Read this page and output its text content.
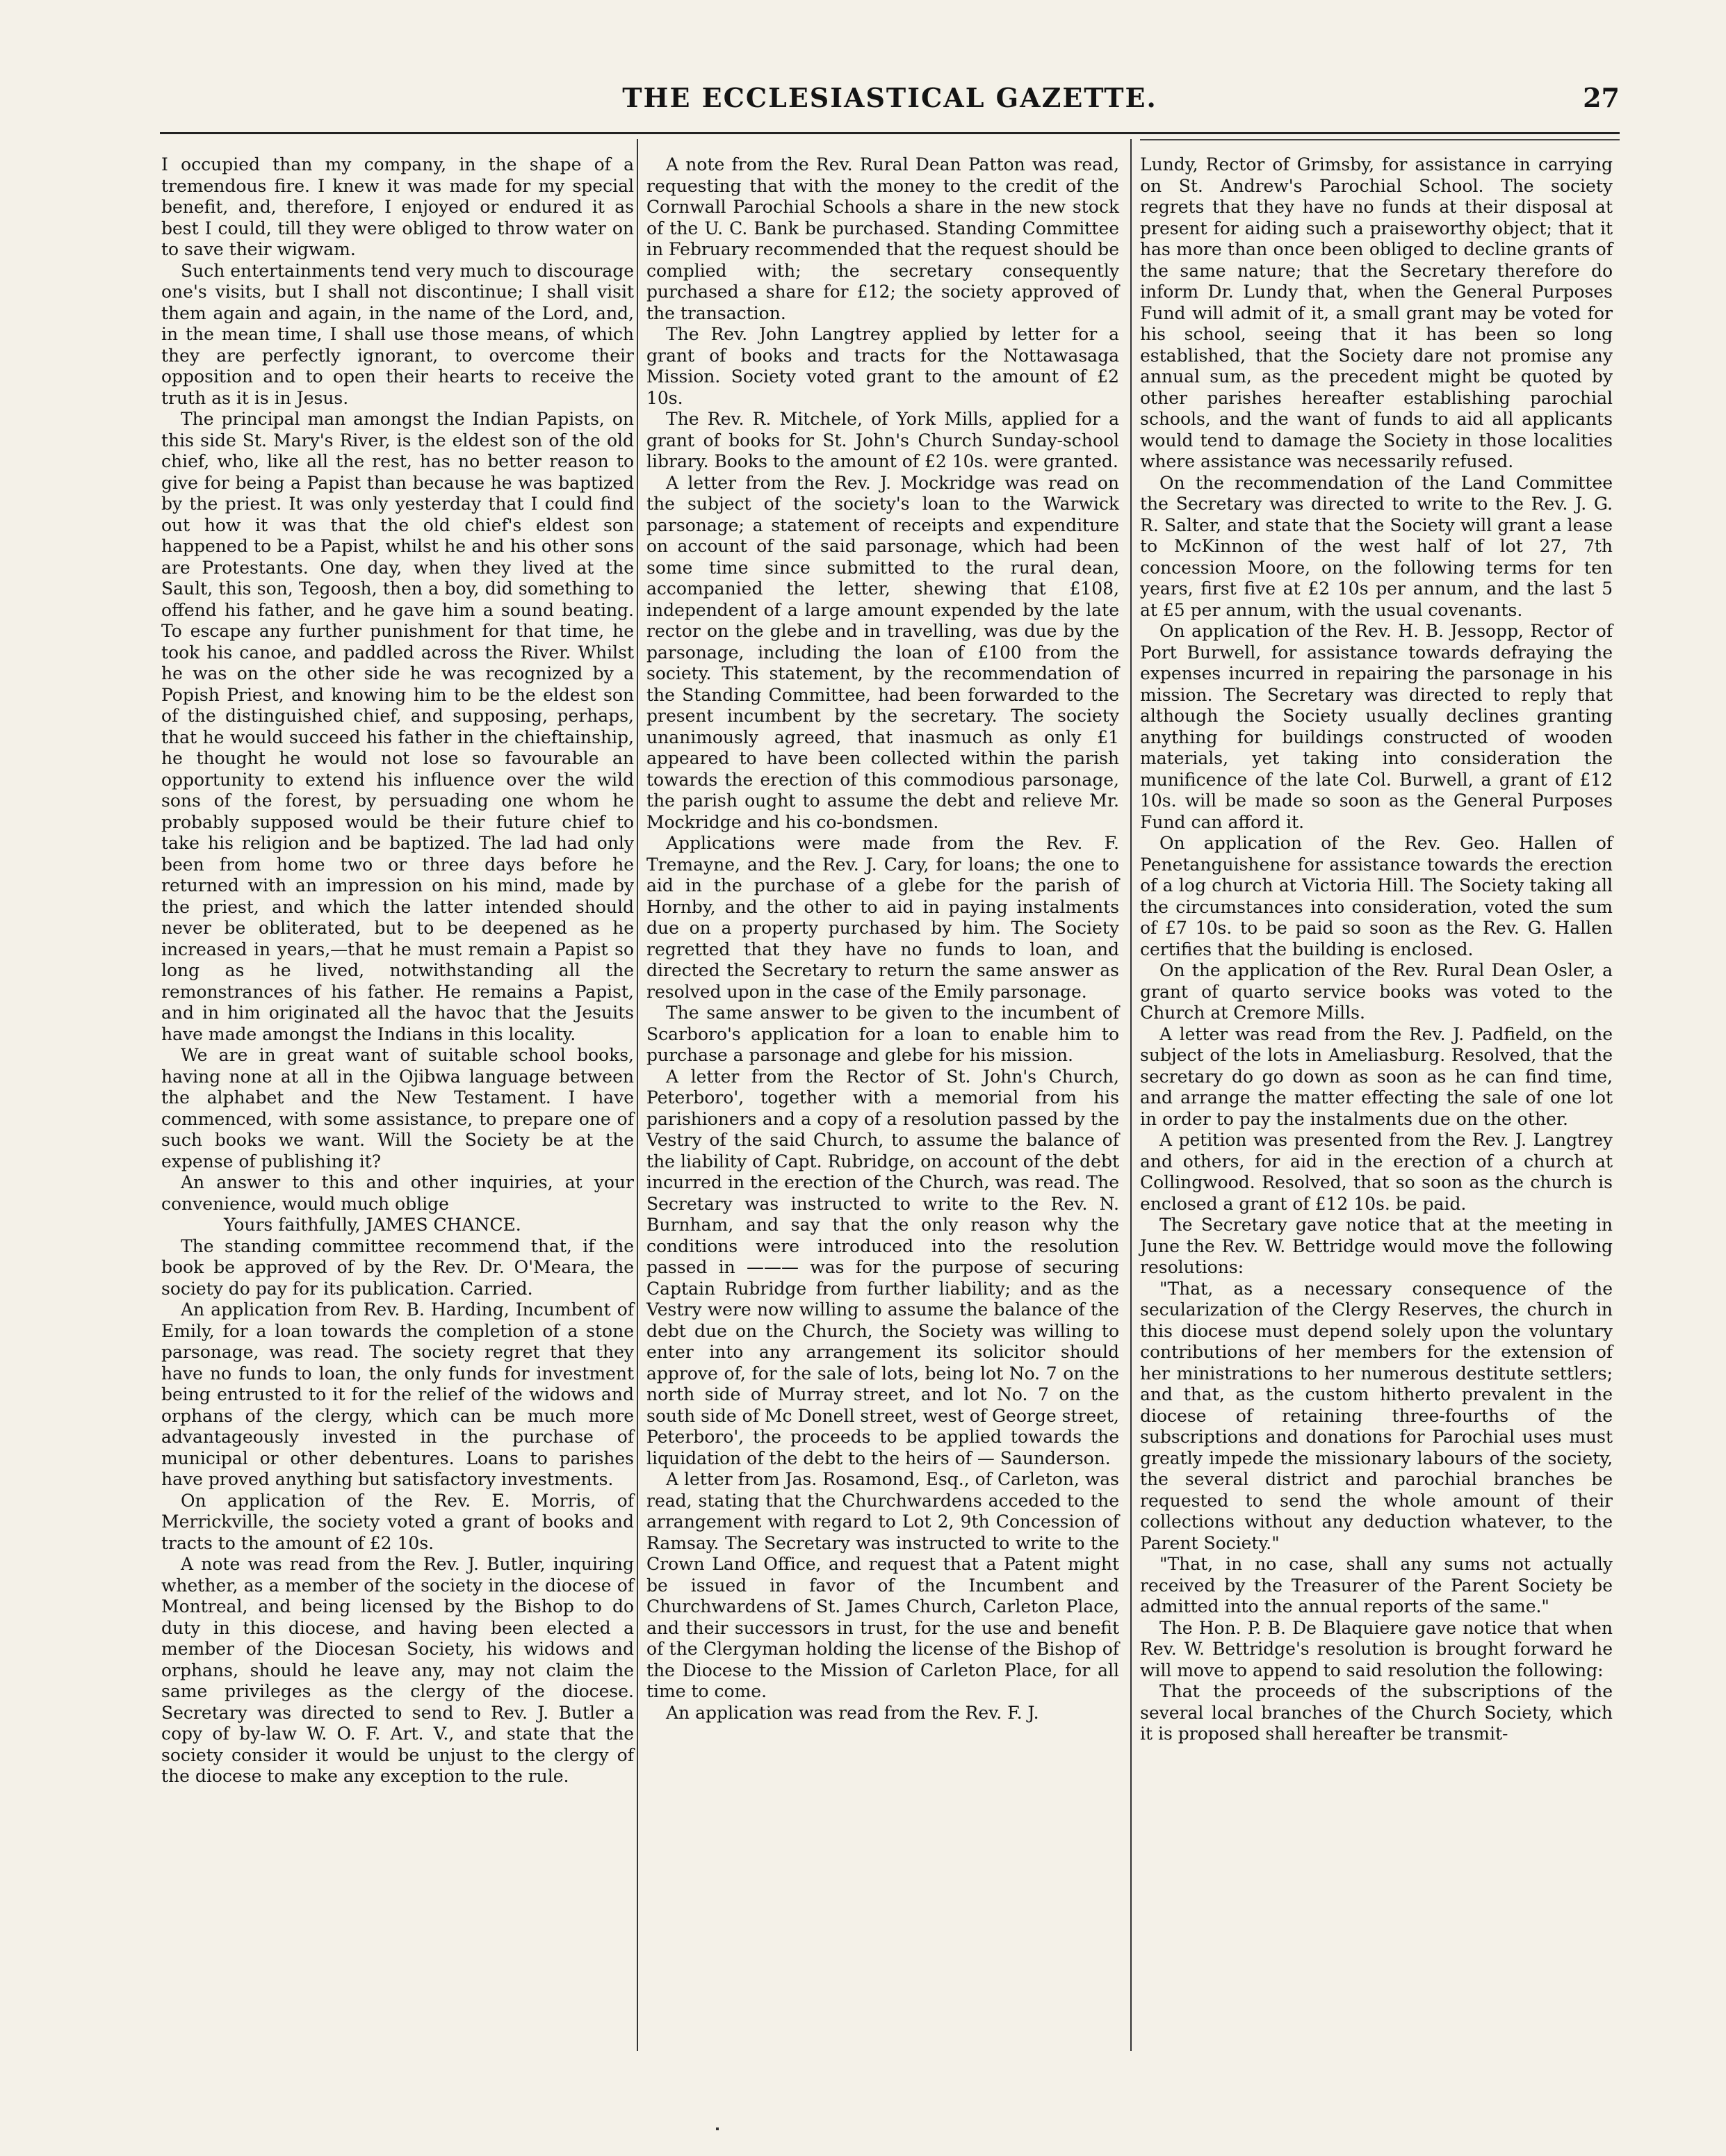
THE ECCLESIASTICAL GAZETTE.	27

I occupied than my company, in the shape of a tremendous fire. I knew it was made for my special benefit, and, therefore, I enjoyed or endured it as best I could, till they were obliged to throw water on to save their wigwam.

Such entertainments tend very much to discourage one's visits, but I shall not discontinue; I shall visit them again and again, in the name of the Lord, and, in the mean time, I shall use those means, of which they are perfectly ignorant, to overcome their opposition and to open their hearts to receive the truth as it is in Jesus.

The principal man amongst the Indian Papists, on this side St. Mary's River, is the eldest son of the old chief, who, like all the rest, has no better reason to give for being a Papist than because he was baptized by the priest. It was only yesterday that I could find out how it was that the old chief's eldest son happened to be a Papist, whilst he and his other sons are Protestants. One day, when they lived at the Sault, this son, Tegoosh, then a boy, did something to offend his father, and he gave him a sound beating. To escape any further punishment for that time, he took his canoe, and paddled across the River. Whilst he was on the other side he was recognized by a Popish Priest, and knowing him to be the eldest son of the distinguished chief, and supposing, perhaps, that he would succeed his father in the chieftainship, he thought he would not lose so favourable an opportunity to extend his influence over the wild sons of the forest, by persuading one whom he probably supposed would be their future chief to take his religion and be baptized. The lad had only been from home two or three days before he returned with an impression on his mind, made by the priest, and which the latter intended should never be obliterated, but to be deepened as he increased in years,—that he must remain a Papist so long as he lived, notwithstanding all the remonstrances of his father. He remains a Papist, and in him originated all the havoc that the Jesuits have made amongst the Indians in this locality.

We are in great want of suitable school books, having none at all in the Ojibwa language between the alphabet and the New Testament. I have commenced, with some assistance, to prepare one of such books we want. Will the Society be at the expense of publishing it?

An answer to this and other inquiries, at your convenience, would much oblige

Yours faithfully, JAMES CHANCE.

The standing committee recommend that, if the book be approved of by the Rev. Dr. O'Meara, the society do pay for its publication. Carried.

An application from Rev. B. Harding, Incumbent of Emily, for a loan towards the completion of a stone parsonage, was read. The society regret that they have no funds to loan, the only funds for investment being entrusted to it for the relief of the widows and orphans of the clergy, which can be much more advantageously invested in the purchase of municipal or other debentures. Loans to parishes have proved anything but satisfactory investments.

On application of the Rev. E. Morris, of Merrickville, the society voted a grant of books and tracts to the amount of £2 10s.

A note was read from the Rev. J. Butler, inquiring whether, as a member of the society in the diocese of Montreal, and being licensed by the Bishop to do duty in this diocese, and having been elected a member of the Diocesan Society, his widows and orphans, should he leave any, may not claim the same privileges as the clergy of the diocese. Secretary was directed to send to Rev. J. Butler a copy of by-law W. O. F. Art. V., and state that the society consider it would be unjust to the clergy of the diocese to make any exception to the rule.

A note from the Rev. Rural Dean Patton was read, requesting that with the money to the credit of the Cornwall Parochial Schools a share in the new stock of the U. C. Bank be purchased. Standing Committee in February recommended that the request should be complied with; the secretary consequently purchased a share for £12; the society approved of the transaction.

The Rev. John Langtrey applied by letter for a grant of books and tracts for the Nottawasaga Mission. Society voted grant to the amount of £2 10s.

The Rev. R. Mitchele, of York Mills, applied for a grant of books for St. John's Church Sunday-school library. Books to the amount of £2 10s. were granted.

A letter from the Rev. J. Mockridge was read on the subject of the society's loan to the Warwick parsonage; a statement of receipts and expenditure on account of the said parsonage, which had been some time since submitted to the rural dean, accompanied the letter, shewing that £108, independent of a large amount expended by the late rector on the glebe and in travelling, was due by the parsonage, including the loan of £100 from the society. This statement, by the recommendation of the Standing Committee, had been forwarded to the present incumbent by the secretary. The society unanimously agreed, that inasmuch as only £1 appeared to have been collected within the parish towards the erection of this commodious parsonage, the parish ought to assume the debt and relieve Mr. Mockridge and his co-bondsmen.

Applications were made from the Rev. F. Tremayne, and the Rev. J. Cary, for loans; the one to aid in the purchase of a glebe for the parish of Hornby, and the other to aid in paying instalments due on a property purchased by him. The Society regretted that they have no funds to loan, and directed the Secretary to return the same answer as resolved upon in the case of the Emily parsonage.

The same answer to be given to the incumbent of Scarboro's application for a loan to enable him to purchase a parsonage and glebe for his mission.

A letter from the Rector of St. John's Church, Peterboro', together with a memorial from his parishioners and a copy of a resolution passed by the Vestry of the said Church, to assume the balance of the liability of Capt. Rubridge, on account of the debt incurred in the erection of the Church, was read. The Secretary was instructed to write to the Rev. N. Burnham, and say that the only reason why the conditions were introduced into the resolution passed in ——— was for the purpose of securing Captain Rubridge from further liability; and as the Vestry were now willing to assume the balance of the debt due on the Church, the Society was willing to enter into any arrangement its solicitor should approve of, for the sale of lots, being lot No. 7 on the north side of Murray street, and lot No. 7 on the south side of Mc Donell street, west of George street, Peterboro', the proceeds to be applied towards the liquidation of the debt to the heirs of — Saunderson.

A letter from Jas. Rosamond, Esq., of Carleton, was read, stating that the Churchwardens acceded to the arrangement with regard to Lot 2, 9th Concession of Ramsay. The Secretary was instructed to write to the Crown Land Office, and request that a Patent might be issued in favor of the Incumbent and Churchwardens of St. James Church, Carleton Place, and their successors in trust, for the use and benefit of the Clergyman holding the license of the Bishop of the Diocese to the Mission of Carleton Place, for all time to come.

An application was read from the Rev. F. J.

Lundy, Rector of Grimsby, for assistance in carrying on St. Andrew's Parochial School. The society regrets that they have no funds at their disposal at present for aiding such a praiseworthy object; that it has more than once been obliged to decline grants of the same nature; that the Secretary therefore do inform Dr. Lundy that, when the General Purposes Fund will admit of it, a small grant may be voted for his school, seeing that it has been so long established, that the Society dare not promise any annual sum, as the precedent might be quoted by other parishes hereafter establishing parochial schools, and the want of funds to aid all applicants would tend to damage the Society in those localities where assistance was necessarily refused.

On the recommendation of the Land Committee the Secretary was directed to write to the Rev. J. G. R. Salter, and state that the Society will grant a lease to McKinnon of the west half of lot 27, 7th concession Moore, on the following terms for ten years, first five at £2 10s per annum, and the last 5 at £5 per annum, with the usual covenants.

On application of the Rev. H. B. Jessopp, Rector of Port Burwell, for assistance towards defraying the expenses incurred in repairing the parsonage in his mission. The Secretary was directed to reply that although the Society usually declines granting anything for buildings constructed of wooden materials, yet taking into consideration the munificence of the late Col. Burwell, a grant of £12 10s. will be made so soon as the General Purposes Fund can afford it.

On application of the Rev. Geo. Hallen of Penetanguishene for assistance towards the erection of a log church at Victoria Hill. The Society taking all the circumstances into consideration, voted the sum of £7 10s. to be paid so soon as the Rev. G. Hallen certifies that the building is enclosed.

On the application of the Rev. Rural Dean Osler, a grant of quarto service books was voted to the Church at Cremore Mills.

A letter was read from the Rev. J. Padfield, on the subject of the lots in Ameliasburg. Resolved, that the secretary do go down as soon as he can find time, and arrange the matter effecting the sale of one lot in order to pay the instalments due on the other.

A petition was presented from the Rev. J. Langtrey and others, for aid in the erection of a church at Collingwood. Resolved, that so soon as the church is enclosed a grant of £12 10s. be paid.

The Secretary gave notice that at the meeting in June the Rev. W. Bettridge would move the following resolutions:

"That, as a necessary consequence of the secularization of the Clergy Reserves, the church in this diocese must depend solely upon the voluntary contributions of her members for the extension of her ministrations to her numerous destitute settlers; and that, as the custom hitherto prevalent in the diocese of retaining three-fourths of the subscriptions and donations for Parochial uses must greatly impede the missionary labours of the society, the several district and parochial branches be requested to send the whole amount of their collections without any deduction whatever, to the Parent Society."

"That, in no case, shall any sums not actually received by the Treasurer of the Parent Society be admitted into the annual reports of the same."

The Hon. P. B. De Blaquiere gave notice that when Rev. W. Bettridge's resolution is brought forward he will move to append to said resolution the following:

That the proceeds of the subscriptions of the several local branches of the Church Society, which it is proposed shall hereafter be transmit-
